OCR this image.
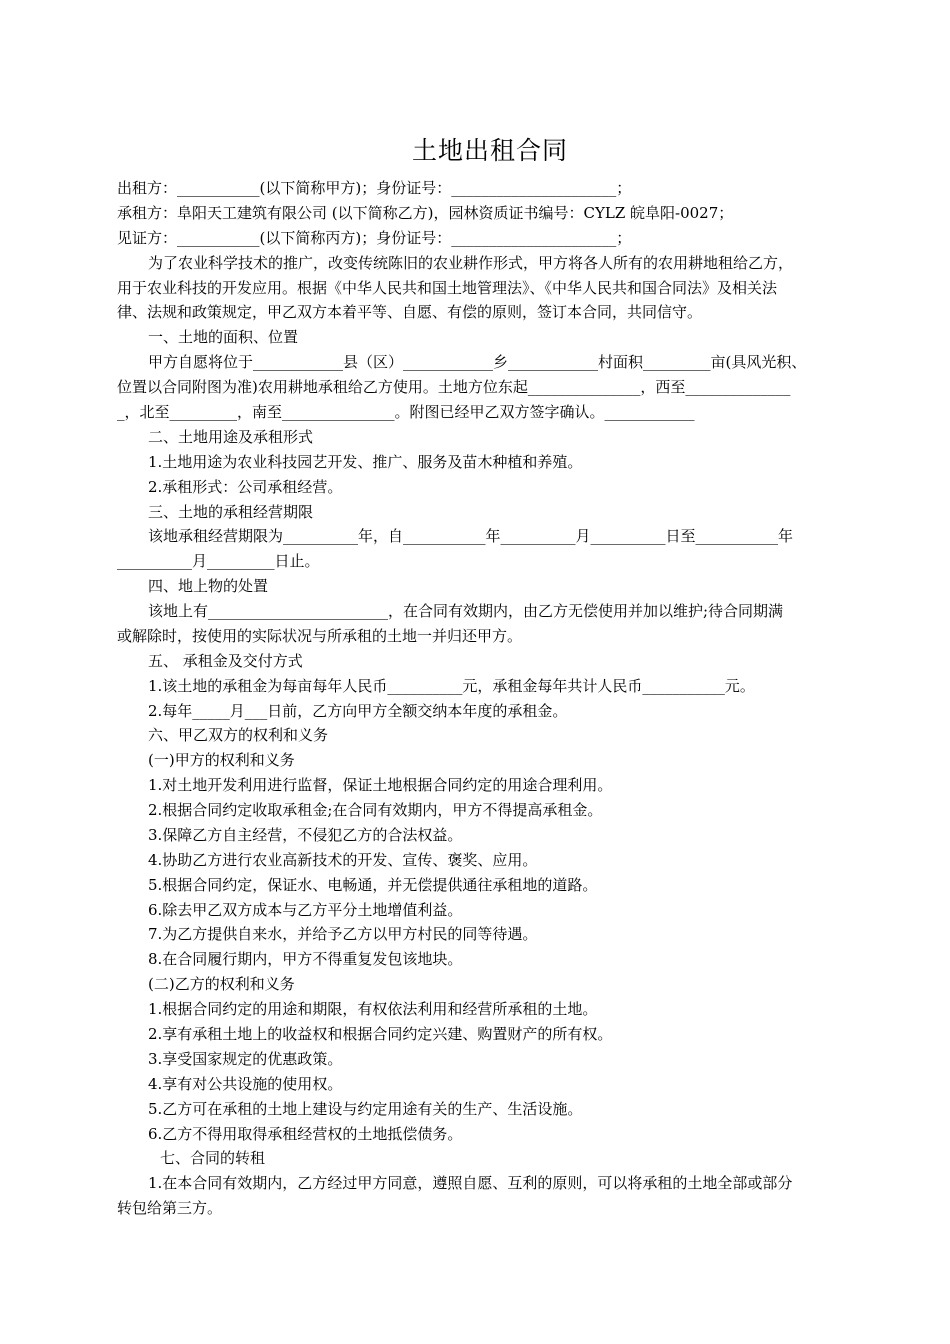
土地出租合同
出租方：___________(以下简称甲方)；身份证号：______________________；
承租方：阜阳天工建筑有限公司 (以下简称乙方)，园林资质证书编号：CYLZ 皖阜阳-0027；
见证方：___________(以下简称丙方)；身份证号：______________________；
为了农业科学技术的推广，改变传统陈旧的农业耕作形式，甲方将各人所有的农用耕地租给乙方，
用于农业科技的开发应用。根据《中华人民共和国土地管理法》、《中华人民共和国合同法》及相关法
律、法规和政策规定，甲乙双方本着平等、自愿、有偿的原则，签订本合同，共同信守。
一、土地的面积、位置
甲方自愿将位于____________县（区）____________乡____________村面积_________亩(具风光积、
位置以合同附图为准)农用耕地承租给乙方使用。土地方位东起_______________，西至______________
_，北至_________，南至_______________。附图已经甲乙双方签字确认。____________
二、土地用途及承租形式
1.土地用途为农业科技园艺开发、推广、服务及苗木种植和养殖。
2.承租形式：公司承租经营。
三、土地的承租经营期限
该地承租经营期限为__________年，自___________年__________月__________日至___________年
__________月_________日止。
四、地上物的处置
该地上有________________________，在合同有效期内，由乙方无偿使用并加以维护;待合同期满
或解除时，按使用的实际状况与所承租的土地一并归还甲方。
五、 承租金及交付方式
1.该土地的承租金为每亩每年人民币__________元，承租金每年共计人民币___________元。
2.每年_____月___日前，乙方向甲方全额交纳本年度的承租金。
六、甲乙双方的权利和义务
(一)甲方的权利和义务
1.对土地开发利用进行监督，保证土地根据合同约定的用途合理利用。
2.根据合同约定收取承租金;在合同有效期内，甲方不得提高承租金。
3.保障乙方自主经营，不侵犯乙方的合法权益。
4.协助乙方进行农业高新技术的开发、宣传、褒奖、应用。
5.根据合同约定，保证水、电畅通，并无偿提供通往承租地的道路。
6.除去甲乙双方成本与乙方平分土地增值利益。
7.为乙方提供自来水，并给予乙方以甲方村民的同等待遇。
8.在合同履行期内，甲方不得重复发包该地块。
(二)乙方的权利和义务
1.根据合同约定的用途和期限，有权依法利用和经营所承租的土地。
2.享有承租土地上的收益权和根据合同约定兴建、购置财产的所有权。
3.享受国家规定的优惠政策。
4.享有对公共设施的使用权。
5.乙方可在承租的土地上建设与约定用途有关的生产、生活设施。
6.乙方不得用取得承租经营权的土地抵偿债务。
七、合同的转租
1.在本合同有效期内，乙方经过甲方同意，遵照自愿、互利的原则，可以将承租的土地全部或部分
转包给第三方。
